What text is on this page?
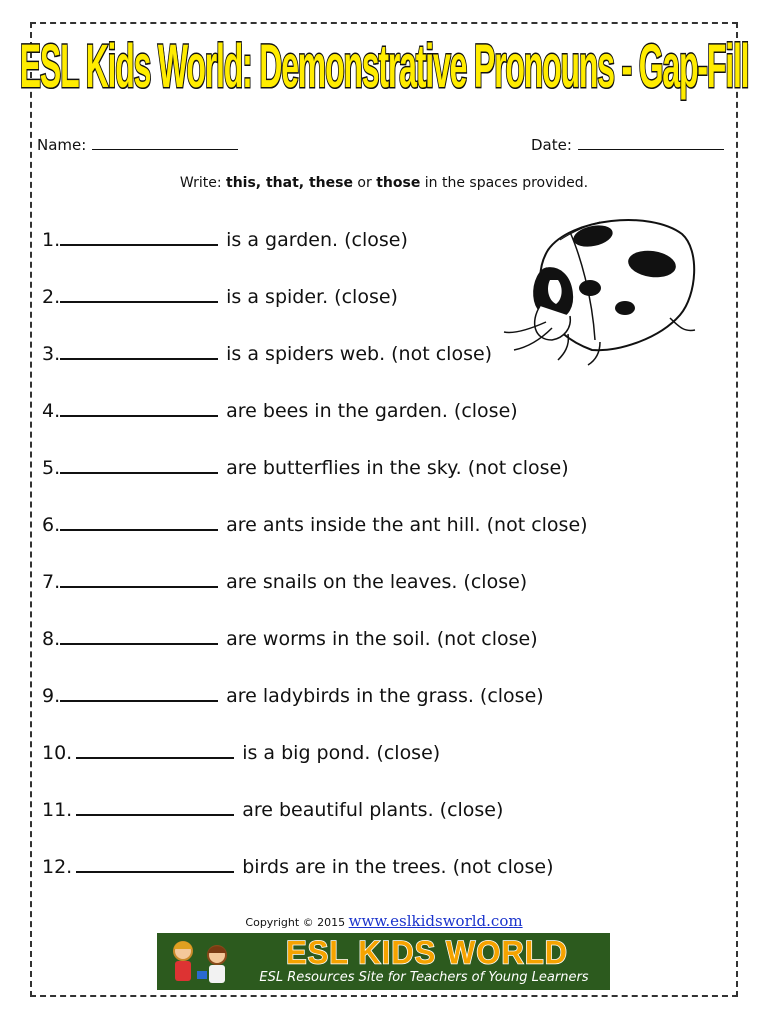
ESL Kids World: Demonstrative Pronouns - Gap-Fill
Name:	Date:
Write: this, that, these or those in the spaces provided.
1.	is a garden. (close)
2.	is a spider. (close)
3.	is a spiders web. (not close)
4.	are bees in the garden. (close)
5.	are butterflies in the sky. (not close)
6.	are ants inside the ant hill. (not close)
7.	are snails on the leaves. (close)
8.	are worms in the soil. (not close)
9.	are ladybirds in the grass. (close)
10.	is a big pond. (close)
11.	are beautiful plants. (close)
12.	birds are in the trees. (not close)
Copyright © 2015 www.eslkidsworld.com
ESL KIDS WORLD
ESL Resources Site for Teachers of Young Learners
